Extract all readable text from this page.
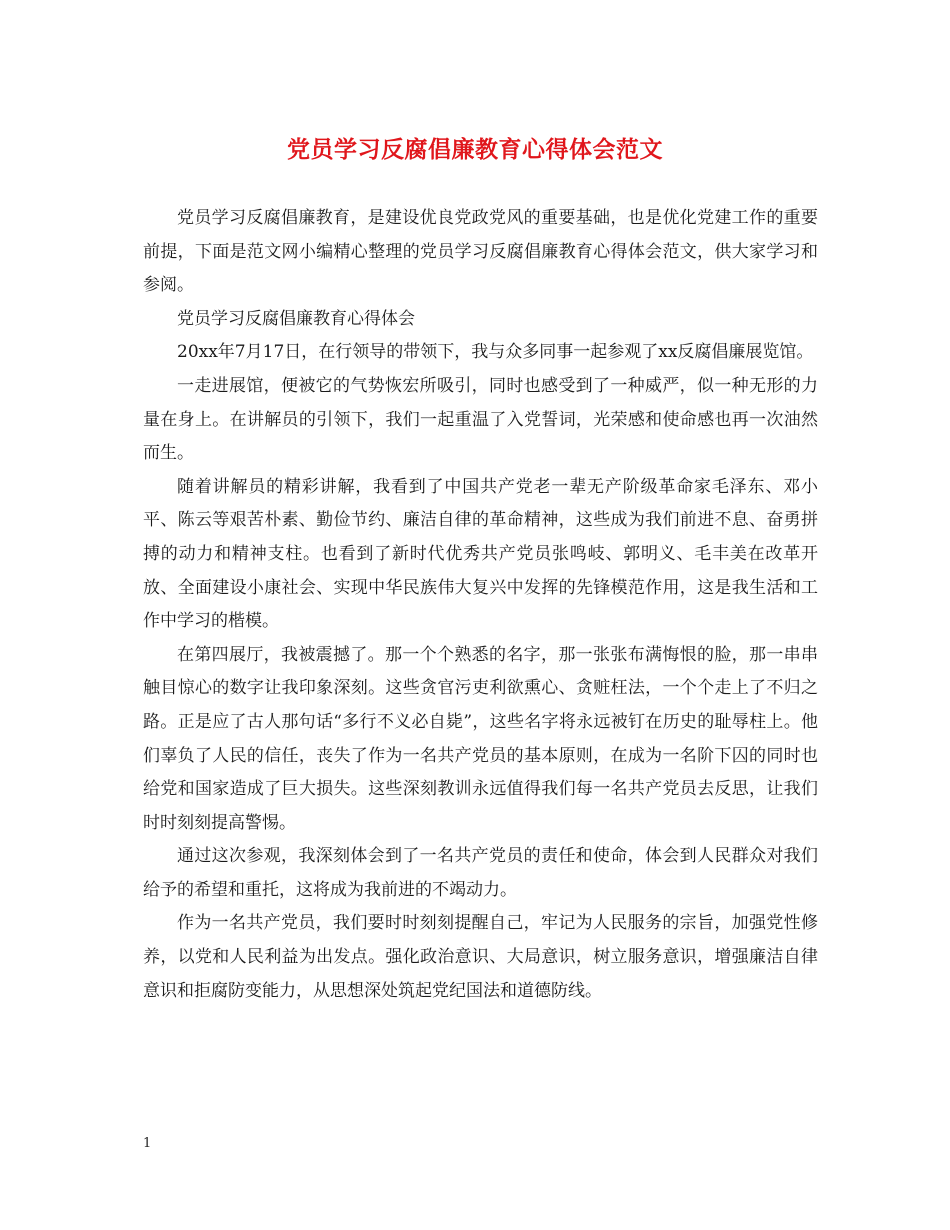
党员学习反腐倡廉教育心得体会范文

党员学习反腐倡廉教育，是建设优良党政党风的重要基础，也是优化党建工作的重要前提，下面是范文网小编精心整理的党员学习反腐倡廉教育心得体会范文，供大家学习和参阅。

党员学习反腐倡廉教育心得体会

20xx年7月17日，在行领导的带领下，我与众多同事一起参观了xx反腐倡廉展览馆。

一走进展馆，便被它的气势恢宏所吸引，同时也感受到了一种威严，似一种无形的力量在身上。在讲解员的引领下，我们一起重温了入党誓词，光荣感和使命感也再一次油然而生。

随着讲解员的精彩讲解，我看到了中国共产党老一辈无产阶级革命家毛泽东、邓小平、陈云等艰苦朴素、勤俭节约、廉洁自律的革命精神，这些成为我们前进不息、奋勇拼搏的动力和精神支柱。也看到了新时代优秀共产党员张鸣岐、郭明义、毛丰美在改革开放、全面建设小康社会、实现中华民族伟大复兴中发挥的先锋模范作用，这是我生活和工作中学习的楷模。

在第四展厅，我被震撼了。那一个个熟悉的名字，那一张张布满悔恨的脸，那一串串触目惊心的数字让我印象深刻。这些贪官污吏利欲熏心、贪赃枉法，一个个走上了不归之路。正是应了古人那句话“多行不义必自毙”，这些名字将永远被钉在历史的耻辱柱上。他们辜负了人民的信任，丧失了作为一名共产党员的基本原则，在成为一名阶下囚的同时也给党和国家造成了巨大损失。这些深刻教训永远值得我们每一名共产党员去反思，让我们时时刻刻提高警惕。

通过这次参观，我深刻体会到了一名共产党员的责任和使命，体会到人民群众对我们给予的希望和重托，这将成为我前进的不竭动力。

作为一名共产党员，我们要时时刻刻提醒自己，牢记为人民服务的宗旨，加强党性修养，以党和人民利益为出发点。强化政治意识、大局意识，树立服务意识，增强廉洁自律意识和拒腐防变能力，从思想深处筑起党纪国法和道德防线。

1
